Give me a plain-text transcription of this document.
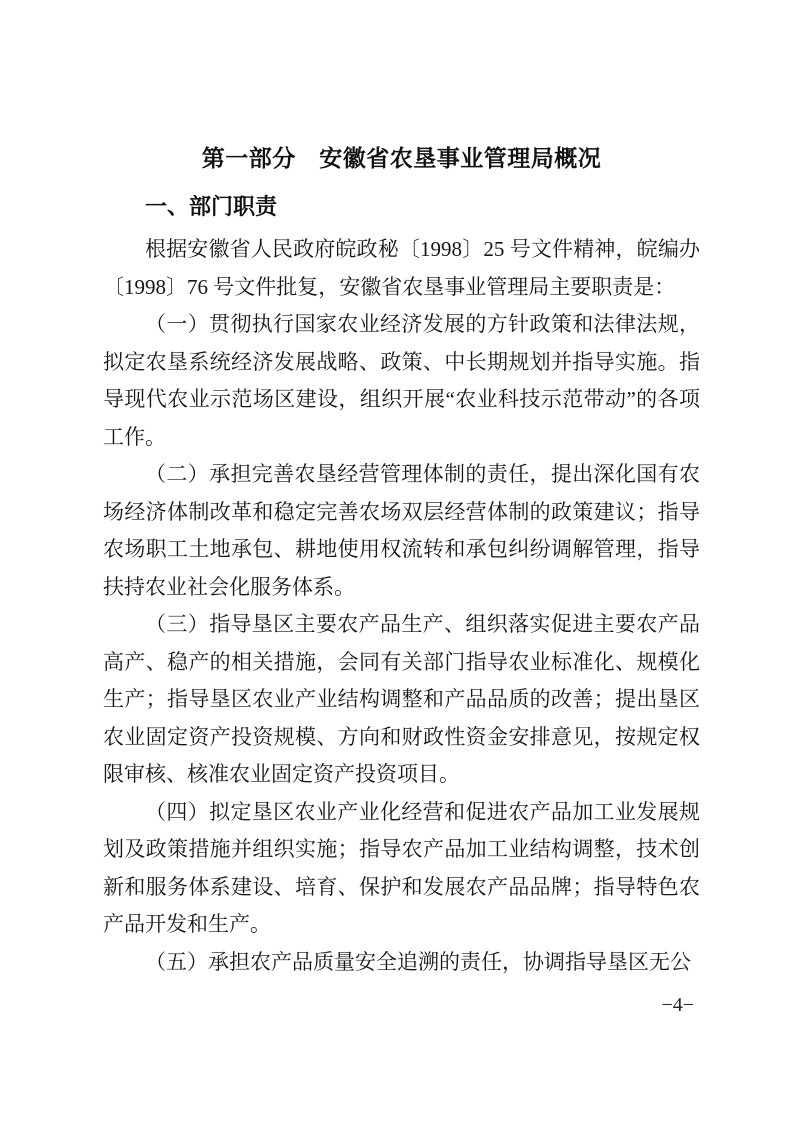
第一部分　安徽省农垦事业管理局概况
一、部门职责

根据安徽省人民政府皖政秘〔1998〕25 号文件精神，皖编办〔1998〕76 号文件批复，安徽省农垦事业管理局主要职责是：

（一）贯彻执行国家农业经济发展的方针政策和法律法规，拟定农垦系统经济发展战略、政策、中长期规划并指导实施。指导现代农业示范场区建设，组织开展“农业科技示范带动”的各项工作。

（二）承担完善农垦经营管理体制的责任，提出深化国有农场经济体制改革和稳定完善农场双层经营体制的政策建议；指导农场职工土地承包、耕地使用权流转和承包纠纷调解管理，指导扶持农业社会化服务体系。

（三）指导垦区主要农产品生产、组织落实促进主要农产品高产、稳产的相关措施，会同有关部门指导农业标准化、规模化生产；指导垦区农业产业结构调整和产品品质的改善；提出垦区农业固定资产投资规模、方向和财政性资金安排意见，按规定权限审核、核准农业固定资产投资项目。

（四）拟定垦区农业产业化经营和促进农产品加工业发展规划及政策措施并组织实施；指导农产品加工业结构调整，技术创新和服务体系建设、培育、保护和发展农产品品牌；指导特色农产品开发和生产。

（五）承担农产品质量安全追溯的责任，协调指导垦区无公

−4−
